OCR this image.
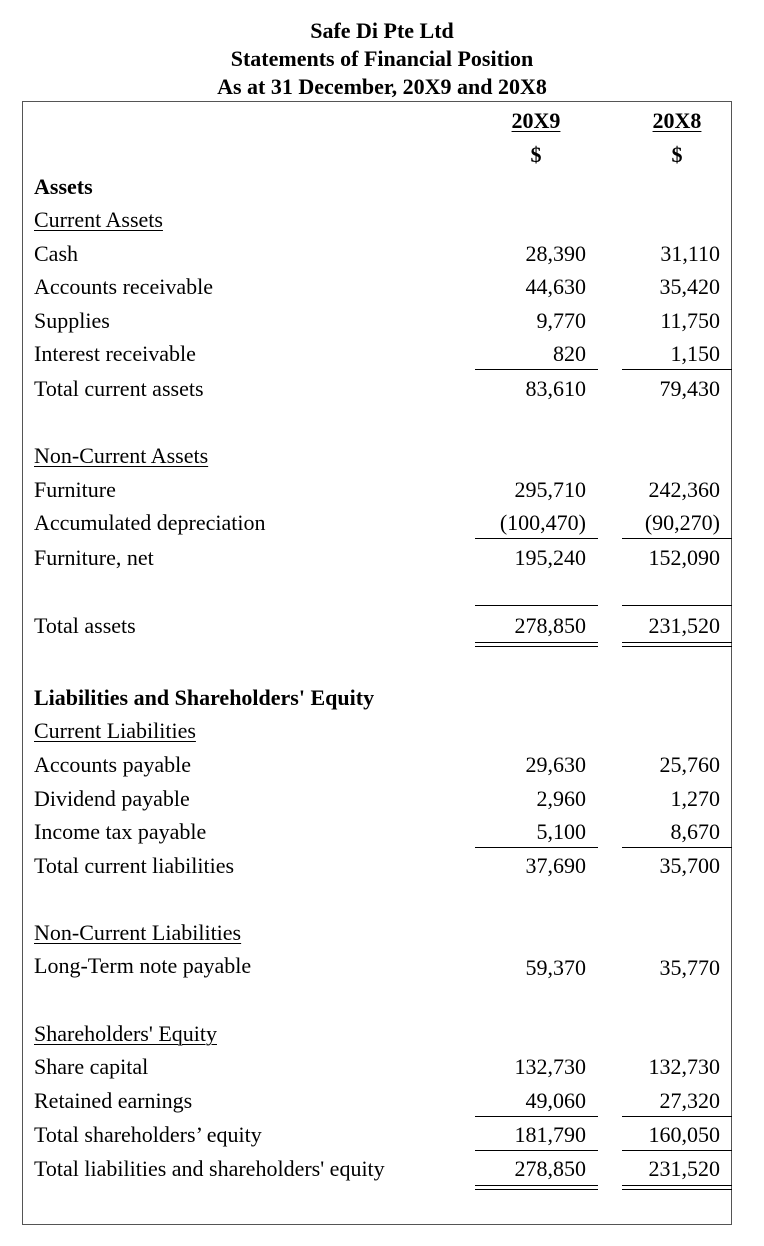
Safe Di Pte Ltd
Statements of Financial Position
As at 31 December, 20X9 and 20X8
20X9	20X8
$	$
Assets
Current Assets
Cash	28,390	31,110
Accounts receivable	44,630	35,420
Supplies	9,770	11,750
Interest receivable	820	1,150
Total current assets	83,610	79,430
Non-Current Assets
Furniture	295,710	242,360
Accumulated depreciation	(100,470)	(90,270)
Furniture, net	195,240	152,090
Total assets	278,850	231,520
Liabilities and Shareholders' Equity
Current Liabilities
Accounts payable	29,630	25,760
Dividend payable	2,960	1,270
Income tax payable	5,100	8,670
Total current liabilities	37,690	35,700
Non-Current Liabilities
Long-Term note payable	59,370	35,770
Shareholders' Equity
Share capital	132,730	132,730
Retained earnings	49,060	27,320
Total shareholders’ equity	181,790	160,050
Total liabilities and shareholders' equity	278,850	231,520
